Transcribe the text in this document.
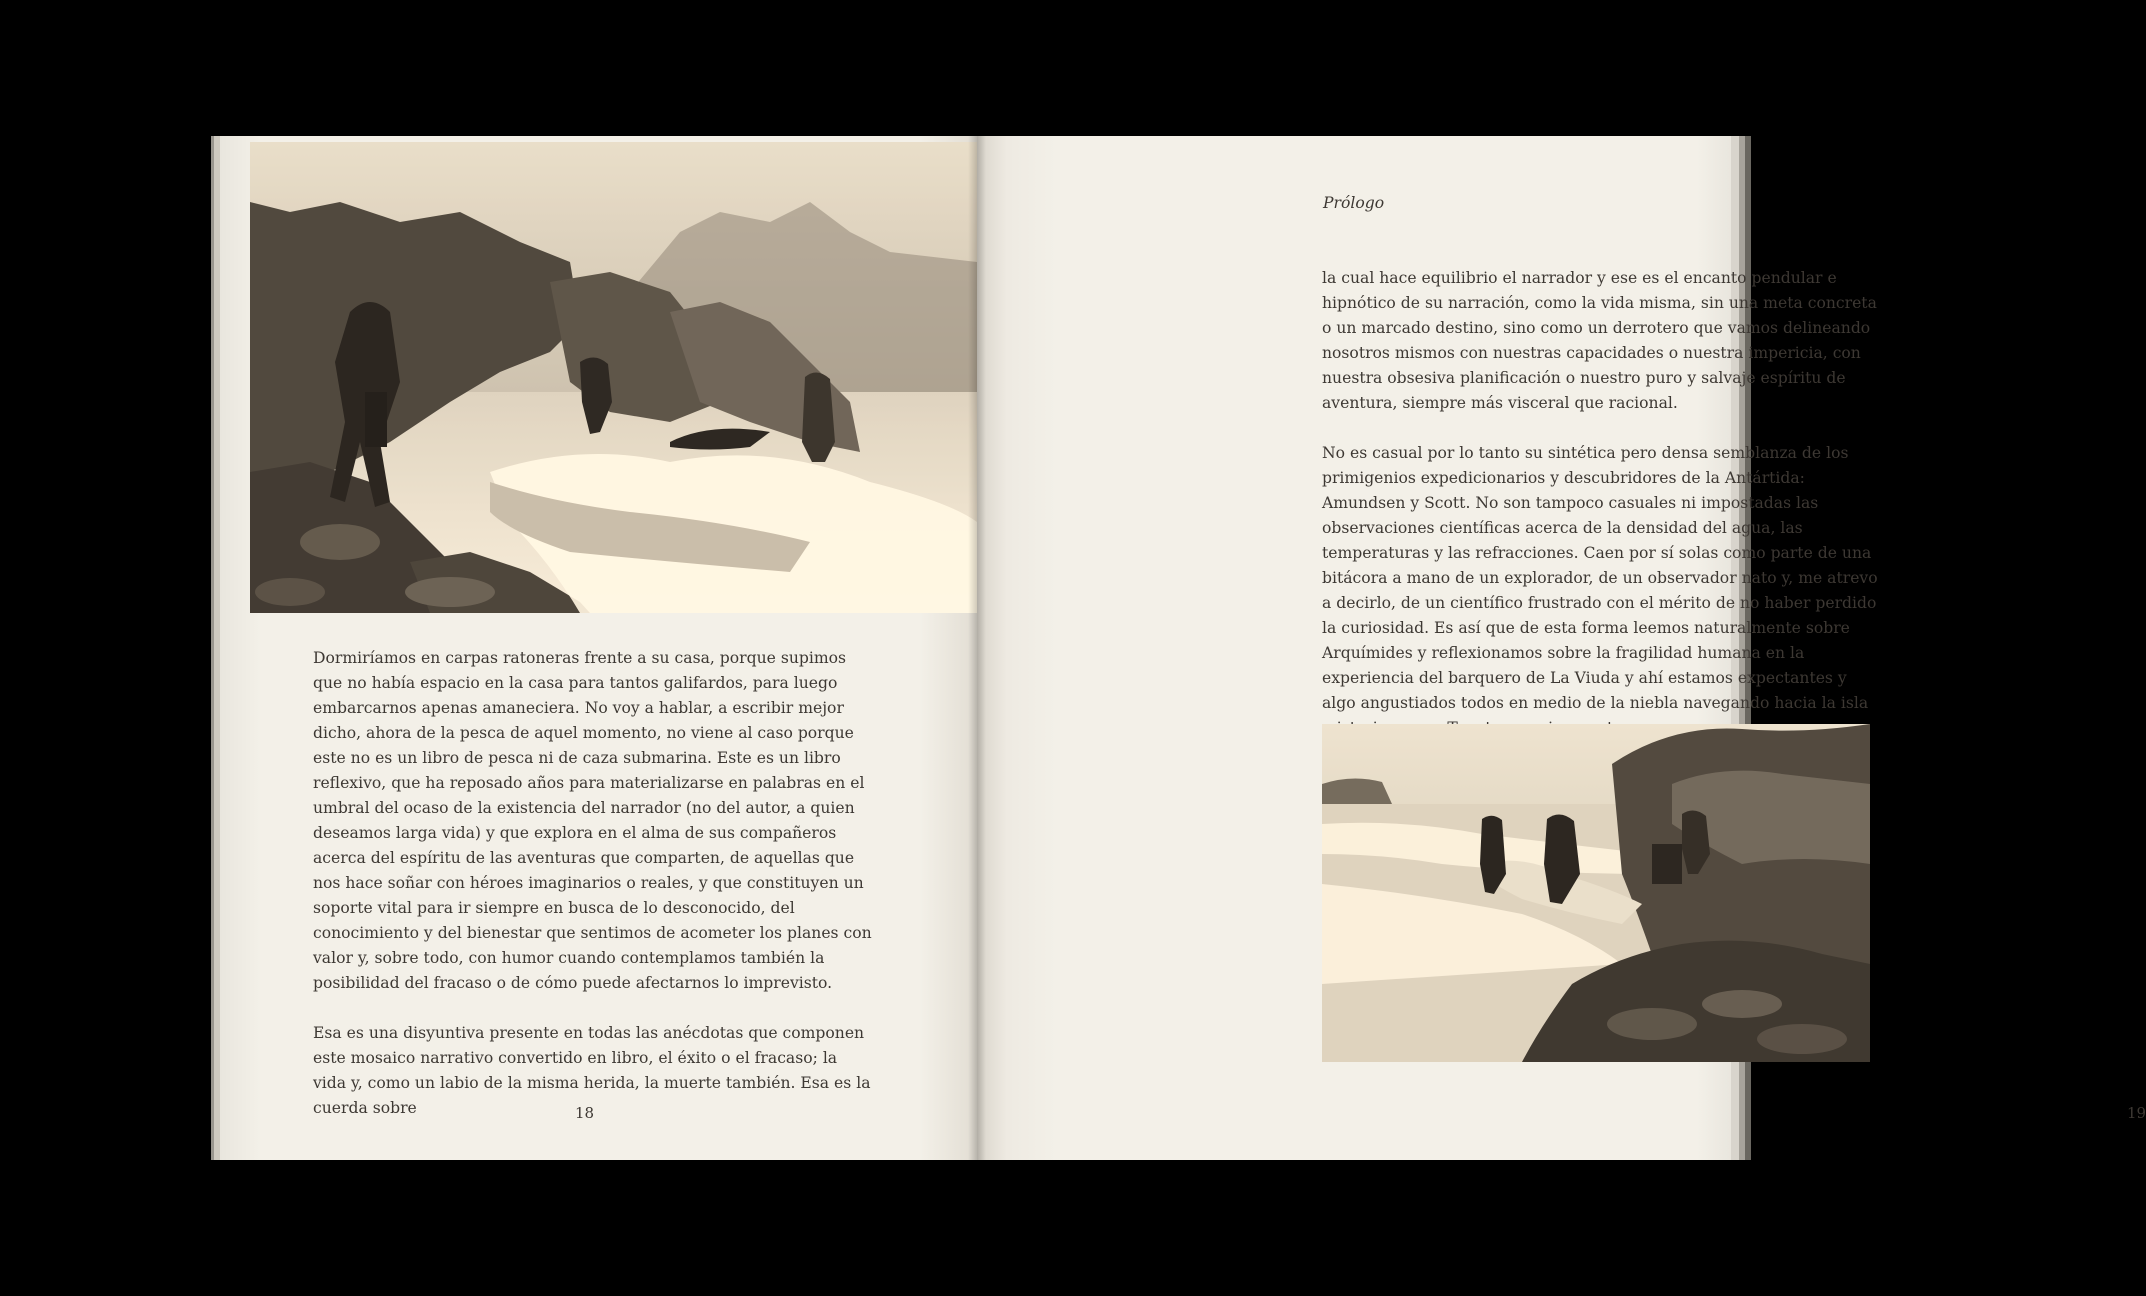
Dormiríamos en carpas ratoneras frente a su casa, porque supimos que no había espacio en la casa para tantos galifardos, para luego embarcarnos apenas amaneciera. No voy a hablar, a escribir mejor dicho, ahora de la pesca de aquel momento, no viene al caso porque este no es un libro de pesca ni de caza submarina. Este es un libro reflexivo, que ha reposado años para materializarse en palabras en el umbral del ocaso de la existencia del narrador (no del autor, a quien deseamos larga vida) y que explora en el alma de sus compañeros acerca del espíritu de las aventuras que comparten, de aquellas que nos hace soñar con héroes imaginarios o reales, y que constituyen un soporte vital para ir siempre en busca de lo desconocido, del conocimiento y del bienestar que sentimos de acometer los planes con valor y, sobre todo, con humor cuando contemplamos también la posibilidad del fracaso o de cómo puede afectarnos lo imprevisto.

Esa es una disyuntiva presente en todas las anécdotas que componen este mosaico narrativo convertido en libro, el éxito o el fracaso; la vida y, como un labio de la misma herida, la muerte también. Esa es la cuerda sobre	18
Prólogo

la cual hace equilibrio el narrador y ese es el encanto pendular e hipnótico de su narración, como la vida misma, sin una meta concreta o un marcado destino, sino como un derrotero que vamos delineando nosotros mismos con nuestras capacidades o nuestra impericia, con nuestra obsesiva planificación o nuestro puro y salvaje espíritu de aventura, siempre más visceral que racional.

No es casual por lo tanto su sintética pero densa semblanza de los primigenios expedicionarios y descubridores de la Antártida: Amundsen y Scott. No son tampoco casuales ni impostadas las observaciones científicas acerca de la densidad del agua, las temperaturas y las refracciones. Caen por sí solas como parte de una bitácora a mano de un explorador, de un observador nato y, me atrevo a decirlo, de un científico frustrado con el mérito de no haber perdido la curiosidad. Es así que de esta forma leemos naturalmente sobre Arquímides y reflexionamos sobre la fragilidad humana en la experiencia del barquero de La Viuda y ahí estamos expectantes y algo angustiados todos en medio de la niebla navegando hacia la isla

19
